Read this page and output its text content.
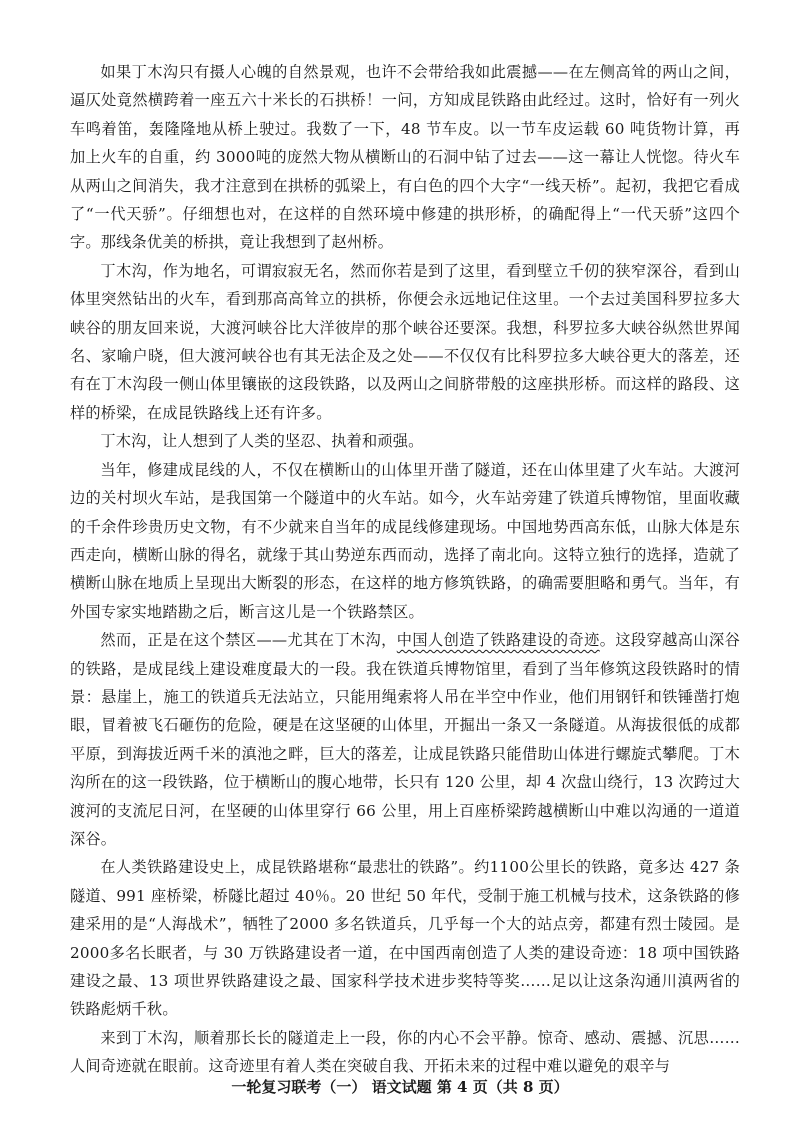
如果丁木沟只有摄人心魄的自然景观，也许不会带给我如此震撼——在左侧高耸的两山之间，逼仄处竟然横跨着一座五六十米长的石拱桥！一问，方知成昆铁路由此经过。这时，恰好有一列火车鸣着笛，轰隆隆地从桥上驶过。我数了一下，48 节车皮。以一节车皮运载 60 吨货物计算，再加上火车的自重，约 3000吨的庞然大物从横断山的石洞中钻了过去——这一幕让人恍惚。待火车从两山之间消失，我才注意到在拱桥的弧梁上，有白色的四个大字“一线天桥”。起初，我把它看成了“一代天骄”。仔细想也对，在这样的自然环境中修建的拱形桥，的确配得上“一代天骄”这四个字。那线条优美的桥拱，竟让我想到了赵州桥。

丁木沟，作为地名，可谓寂寂无名，然而你若是到了这里，看到壁立千仞的狭窄深谷，看到山体里突然钻出的火车，看到那高高耸立的拱桥，你便会永远地记住这里。一个去过美国科罗拉多大峡谷的朋友回来说，大渡河峡谷比大洋彼岸的那个峡谷还要深。我想，科罗拉多大峡谷纵然世界闻名、家喻户晓，但大渡河峡谷也有其无法企及之处——不仅仅有比科罗拉多大峡谷更大的落差，还有在丁木沟段一侧山体里镶嵌的这段铁路，以及两山之间脐带般的这座拱形桥。而这样的路段、这样的桥梁，在成昆铁路线上还有许多。

丁木沟，让人想到了人类的坚忍、执着和顽强。

当年，修建成昆线的人，不仅在横断山的山体里开凿了隧道，还在山体里建了火车站。大渡河边的关村坝火车站，是我国第一个隧道中的火车站。如今，火车站旁建了铁道兵博物馆，里面收藏的千余件珍贵历史文物，有不少就来自当年的成昆线修建现场。中国地势西高东低，山脉大体是东西走向，横断山脉的得名，就缘于其山势逆东西而动，选择了南北向。这特立独行的选择，造就了横断山脉在地质上呈现出大断裂的形态，在这样的地方修筑铁路，的确需要胆略和勇气。当年，有外国专家实地踏勘之后，断言这儿是一个铁路禁区。

然而，正是在这个禁区——尤其在丁木沟，中国人创造了铁路建设的奇迹。这段穿越高山深谷的铁路，是成昆线上建设难度最大的一段。我在铁道兵博物馆里，看到了当年修筑这段铁路时的情景：悬崖上，施工的铁道兵无法站立，只能用绳索将人吊在半空中作业，他们用钢钎和铁锤凿打炮眼，冒着被飞石砸伤的危险，硬是在这坚硬的山体里，开掘出一条又一条隧道。从海拔很低的成都平原，到海拔近两千米的滇池之畔，巨大的落差，让成昆铁路只能借助山体进行螺旋式攀爬。丁木沟所在的这一段铁路，位于横断山的腹心地带，长只有 120 公里，却 4 次盘山绕行，13 次跨过大渡河的支流尼日河，在坚硬的山体里穿行 66 公里，用上百座桥梁跨越横断山中难以沟通的一道道深谷。

在人类铁路建设史上，成昆铁路堪称“最悲壮的铁路”。约1100公里长的铁路，竟多达 427 条隧道、991 座桥梁，桥隧比超过 40％。20 世纪 50 年代，受制于施工机械与技术，这条铁路的修建采用的是“人海战术”，牺牲了2000 多名铁道兵，几乎每一个大的站点旁，都建有烈士陵园。是2000多名长眠者，与 30 万铁路建设者一道，在中国西南创造了人类的建设奇迹：18 项中国铁路建设之最、13 项世界铁路建设之最、国家科学技术进步奖特等奖……足以让这条沟通川滇两省的铁路彪炳千秋。

来到丁木沟，顺着那长长的隧道走上一段，你的内心不会平静。惊奇、感动、震撼、沉思……人间奇迹就在眼前。这奇迹里有着人类在突破自我、开拓未来的过程中难以避免的艰辛与

一轮复习联考（一） 语文试题 第 4 页（共 8 页）
